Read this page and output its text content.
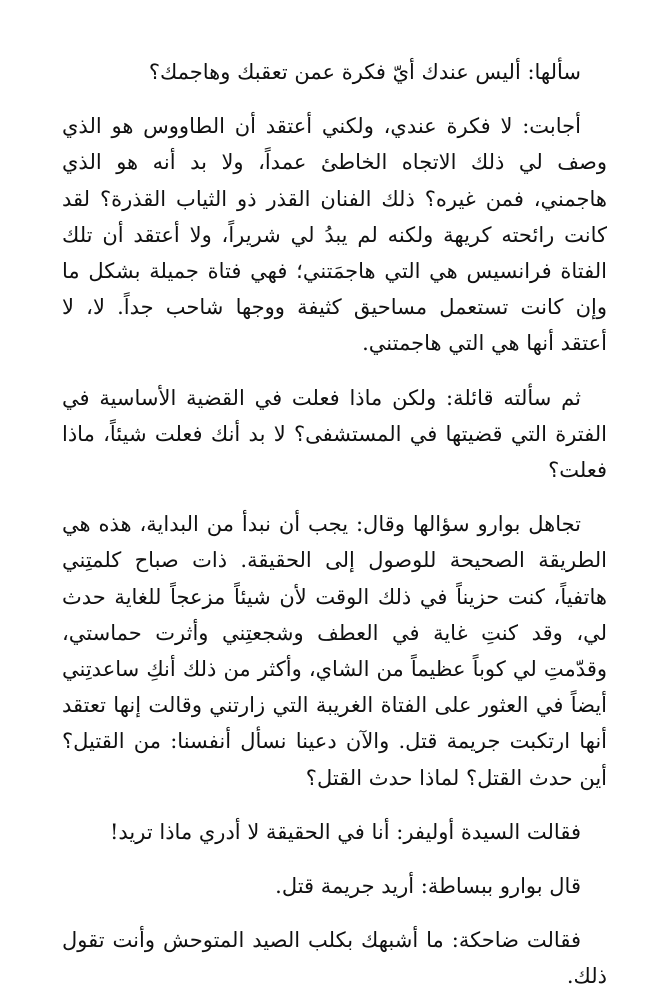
سألها: أليس عندك أيّ فكرة عمن تعقبك وهاجمك؟

أجابت: لا فكرة عندي، ولكني أعتقد أن الطاووس هو الذي وصف لي ذلك الاتجاه الخاطئ عمداً، ولا بد أنه هو الذي هاجمني، فمن غيره؟ ذلك الفنان القذر ذو الثياب القذرة؟ لقد كانت رائحته كريهة ولكنه لم يبدُ لي شريراً، ولا أعتقد أن تلك الفتاة فرانسيس هي التي هاجمَتني؛ فهي فتاة جميلة بشكل ما وإن كانت تستعمل مساحيق كثيفة ووجها شاحب جداً. لا، لا أعتقد أنها هي التي هاجمتني.

ثم سألته قائلة: ولكن ماذا فعلت في القضية الأساسية في الفترة التي قضيتها في المستشفى؟ لا بد أنك فعلت شيئاً، ماذا فعلت؟

تجاهل بوارو سؤالها وقال: يجب أن نبدأ من البداية، هذه هي الطريقة الصحيحة للوصول إلى الحقيقة. ذات صباح كلمتِني هاتفياً، كنت حزيناً في ذلك الوقت لأن شيئاً مزعجاً للغاية حدث لي، وقد كنتِ غاية في العطف وشجعتِني وأثرت حماستي، وقدّمتِ لي كوباً عظيماً من الشاي، وأكثر من ذلك أنكِ ساعدتِني أيضاً في العثور على الفتاة الغريبة التي زارتني وقالت إنها تعتقد أنها ارتكبت جريمة قتل. والآن دعينا نسأل أنفسنا: من القتيل؟ أين حدث القتل؟ لماذا حدث القتل؟

فقالت السيدة أوليفر: أنا في الحقيقة لا أدري ماذا تريد!

قال بوارو ببساطة: أريد جريمة قتل.

فقالت ضاحكة: ما أشبهك بكلب الصيد المتوحش وأنت تقول ذلك.
